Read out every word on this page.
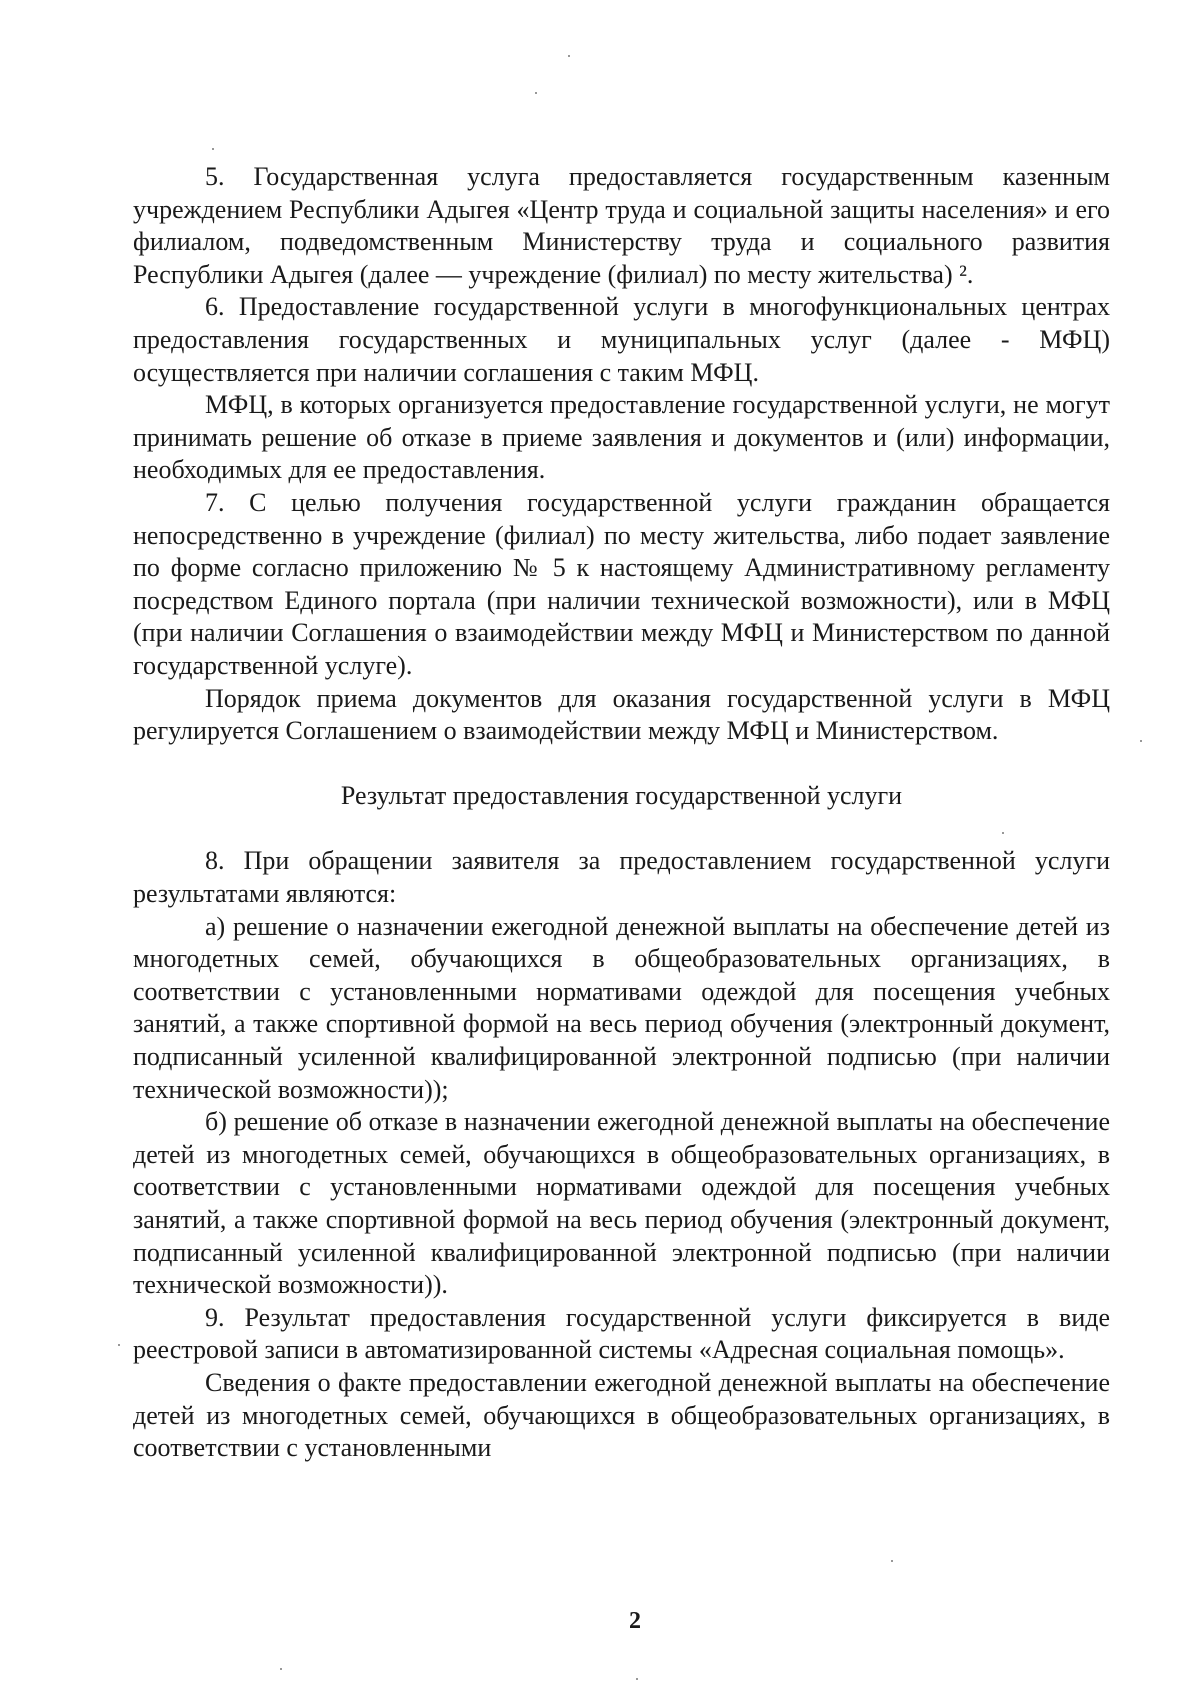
5. Государственная услуга предоставляется государственным казенным учреждением Республики Адыгея «Центр труда и социальной защиты населения» и его филиалом, подведомственным Министерству труда и социального развития Республики Адыгея (далее — учреждение (филиал) по месту жительства) ².

6. Предоставление государственной услуги в многофункциональных центрах предоставления государственных и муниципальных услуг (далее - МФЦ) осуществляется при наличии соглашения с таким МФЦ.

МФЦ, в которых организуется предоставление государственной услуги, не могут принимать решение об отказе в приеме заявления и документов и (или) информации, необходимых для ее предоставления.

7. С целью получения государственной услуги гражданин обращается непосредственно в учреждение (филиал) по месту жительства, либо подает заявление по форме согласно приложению № 5 к настоящему Административному регламенту посредством Единого портала (при наличии технической возможности), или в МФЦ (при наличии Соглашения о взаимодействии между МФЦ и Министерством по данной государственной услуге).

Порядок приема документов для оказания государственной услуги в МФЦ регулируется Соглашением о взаимодействии между МФЦ и Министерством.

Результат предоставления государственной услуги

8. При обращении заявителя за предоставлением государственной услуги результатами являются:

а) решение о назначении ежегодной денежной выплаты на обеспечение детей из многодетных семей, обучающихся в общеобразовательных организациях, в соответствии с установленными нормативами одеждой для посещения учебных занятий, а также спортивной формой на весь период обучения (электронный документ, подписанный усиленной квалифицированной электронной подписью (при наличии технической возможности));

б) решение об отказе в назначении ежегодной денежной выплаты на обеспечение детей из многодетных семей, обучающихся в общеобразовательных организациях, в соответствии с установленными нормативами одеждой для посещения учебных занятий, а также спортивной формой на весь период обучения (электронный документ, подписанный усиленной квалифицированной электронной подписью (при наличии технической возможности)).

9. Результат предоставления государственной услуги фиксируется в виде реестровой записи в автоматизированной системы «Адресная социальная помощь».

Сведения о факте предоставлении ежегодной денежной выплаты на обеспечение детей из многодетных семей, обучающихся в общеобразовательных организациях, в соответствии с установленными

2
